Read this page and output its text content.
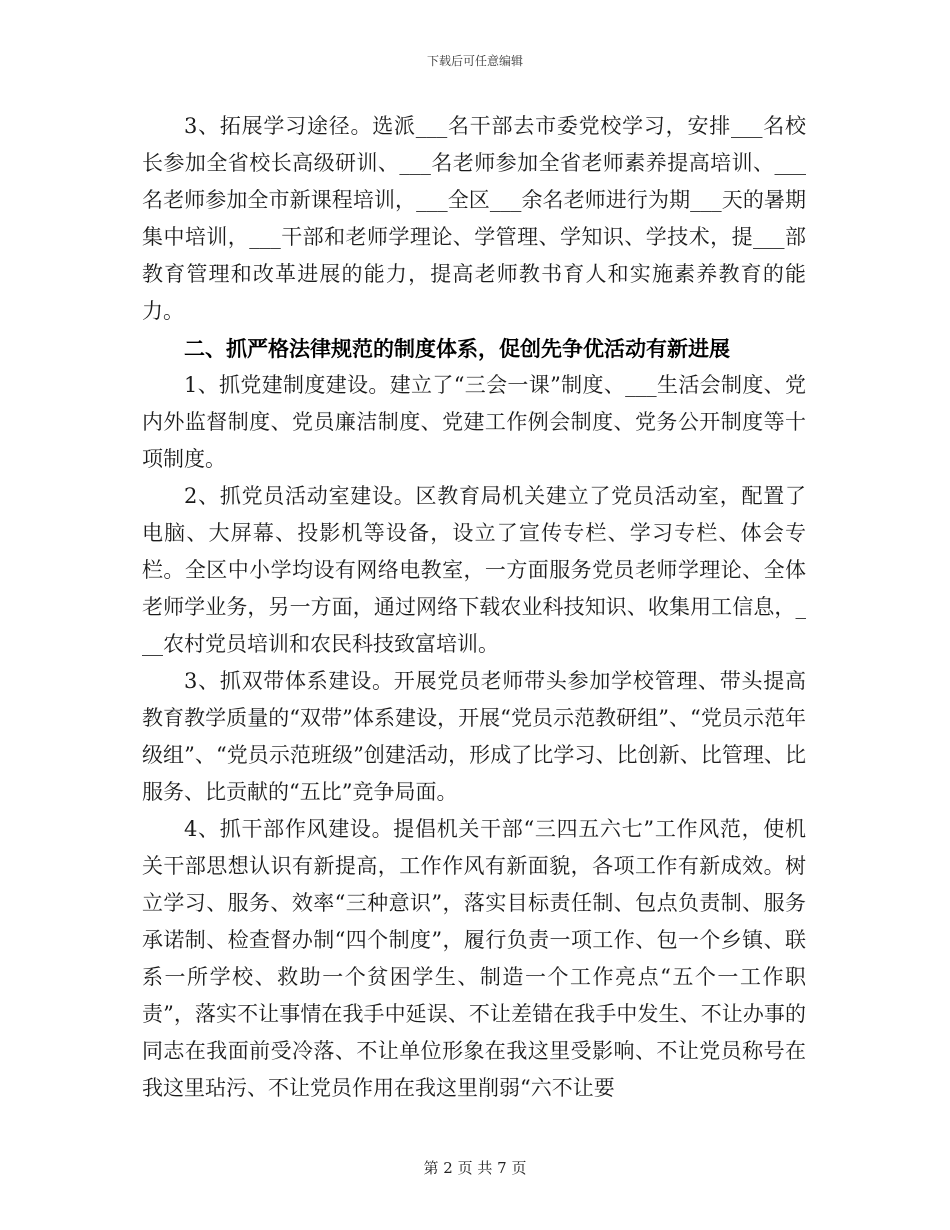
下载后可任意编辑

3、拓展学习途径。选派___名干部去市委党校学习，安排___名校长参加全省校长高级研训、___名老师参加全省老师素养提高培训、___名老师参加全市新课程培训，___全区___余名老师进行为期___天的暑期集中培训，___干部和老师学理论、学管理、学知识、学技术，提___部教育管理和改革进展的能力，提高老师教书育人和实施素养教育的能力。

二、抓严格法律规范的制度体系，促创先争优活动有新进展

1、抓党建制度建设。建立了“三会一课”制度、___生活会制度、党内外监督制度、党员廉洁制度、党建工作例会制度、党务公开制度等十项制度。

2、抓党员活动室建设。区教育局机关建立了党员活动室，配置了电脑、大屏幕、投影机等设备，设立了宣传专栏、学习专栏、体会专栏。全区中小学均设有网络电教室，一方面服务党员老师学理论、全体老师学业务，另一方面，通过网络下载农业科技知识、收集用工信息，___农村党员培训和农民科技致富培训。

3、抓双带体系建设。开展党员老师带头参加学校管理、带头提高教育教学质量的“双带”体系建设，开展“党员示范教研组”、“党员示范年级组”、“党员示范班级”创建活动，形成了比学习、比创新、比管理、比服务、比贡献的“五比”竞争局面。

4、抓干部作风建设。提倡机关干部“三四五六七”工作风范，使机关干部思想认识有新提高，工作作风有新面貌，各项工作有新成效。树立学习、服务、效率“三种意识”，落实目标责任制、包点负责制、服务承诺制、检查督办制“四个制度”，履行负责一项工作、包一个乡镇、联系一所学校、救助一个贫困学生、制造一个工作亮点“五个一工作职责”，落实不让事情在我手中延误、不让差错在我手中发生、不让办事的同志在我面前受冷落、不让单位形象在我这里受影响、不让党员称号在我这里玷污、不让党员作用在我这里削弱“六不让要

第 2 页 共 7 页
